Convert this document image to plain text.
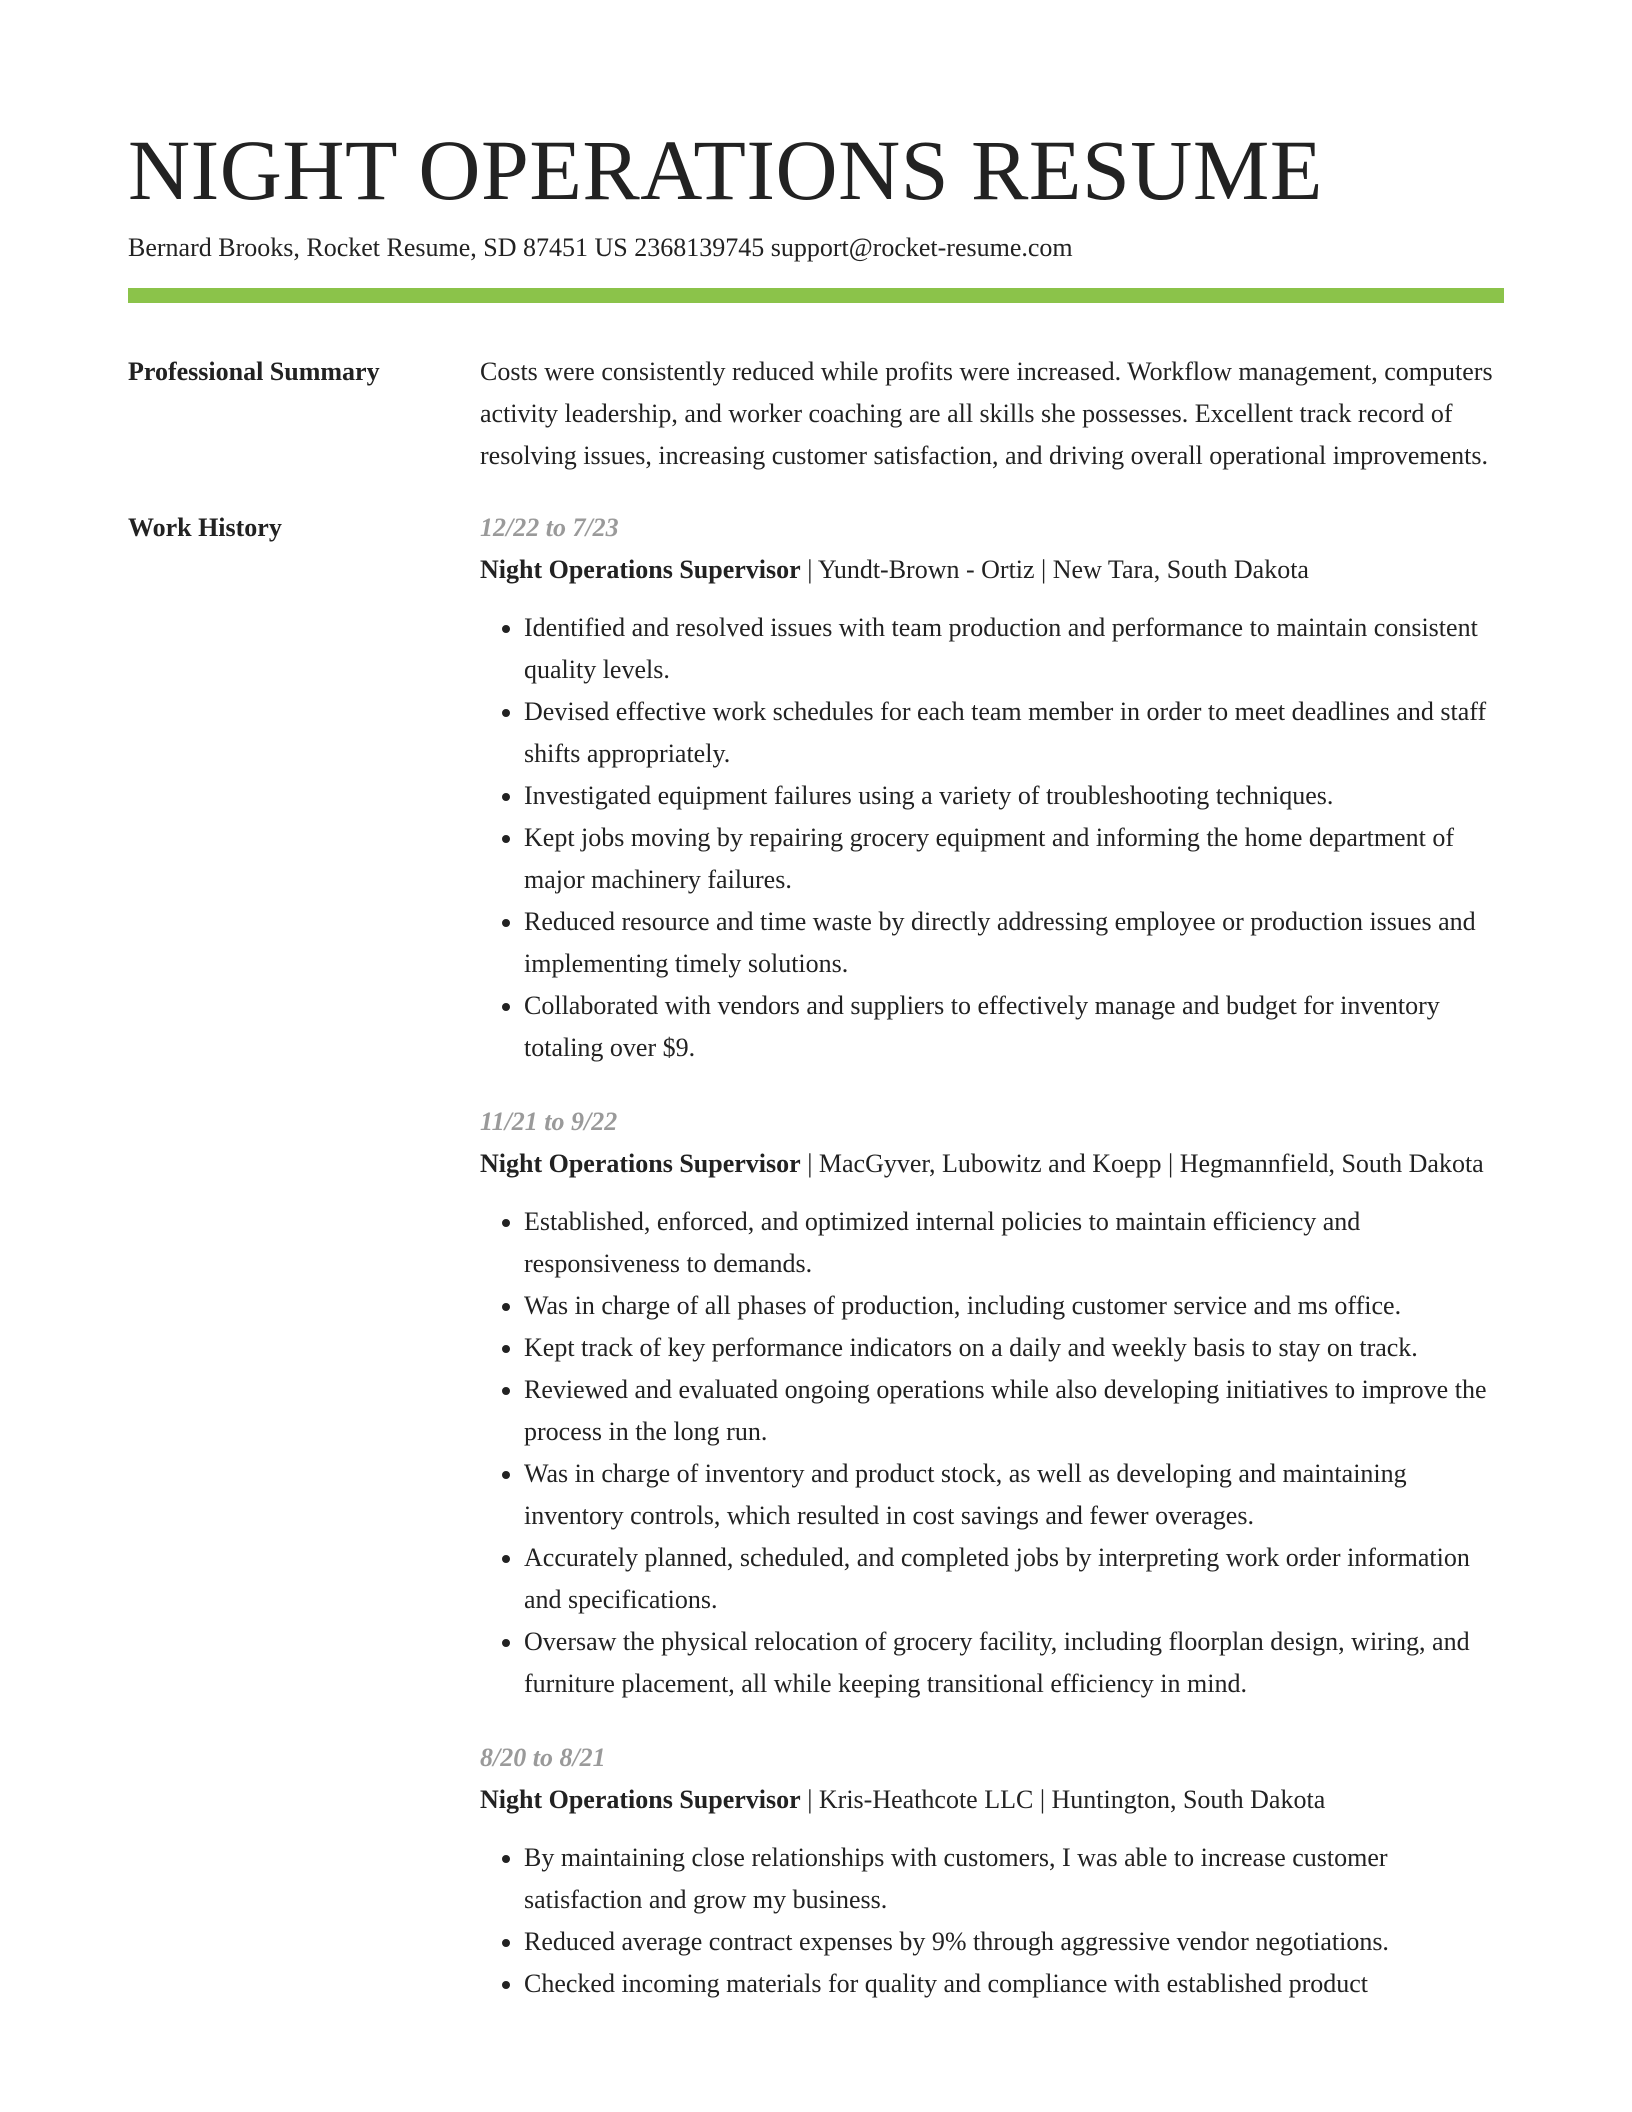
NIGHT OPERATIONS RESUME
Bernard Brooks, Rocket Resume, SD 87451 US 2368139745 support@rocket-resume.com
Professional Summary	Costs were consistently reduced while profits were increased. Workflow management, computers activity leadership, and worker coaching are all skills she possesses. Excellent track record of resolving issues, increasing customer satisfaction, and driving overall operational improvements.

Work History	12/22 to 7/23
Night Operations Supervisor | Yundt-Brown - Ortiz | New Tara, South Dakota
• Identified and resolved issues with team production and performance to maintain consistent quality levels.
• Devised effective work schedules for each team member in order to meet deadlines and staff shifts appropriately.
• Investigated equipment failures using a variety of troubleshooting techniques.
• Kept jobs moving by repairing grocery equipment and informing the home department of major machinery failures.
• Reduced resource and time waste by directly addressing employee or production issues and implementing timely solutions.
• Collaborated with vendors and suppliers to effectively manage and budget for inventory totaling over $9.
11/21 to 9/22
Night Operations Supervisor | MacGyver, Lubowitz and Koepp | Hegmannfield, South Dakota
• Established, enforced, and optimized internal policies to maintain efficiency and responsiveness to demands.
• Was in charge of all phases of production, including customer service and ms office.
• Kept track of key performance indicators on a daily and weekly basis to stay on track.
• Reviewed and evaluated ongoing operations while also developing initiatives to improve the process in the long run.
• Was in charge of inventory and product stock, as well as developing and maintaining inventory controls, which resulted in cost savings and fewer overages.
• Accurately planned, scheduled, and completed jobs by interpreting work order information and specifications.
• Oversaw the physical relocation of grocery facility, including floorplan design, wiring, and furniture placement, all while keeping transitional efficiency in mind.
8/20 to 8/21
Night Operations Supervisor | Kris-Heathcote LLC | Huntington, South Dakota
• By maintaining close relationships with customers, I was able to increase customer satisfaction and grow my business.
• Reduced average contract expenses by 9% through aggressive vendor negotiations.
• Checked incoming materials for quality and compliance with established product
